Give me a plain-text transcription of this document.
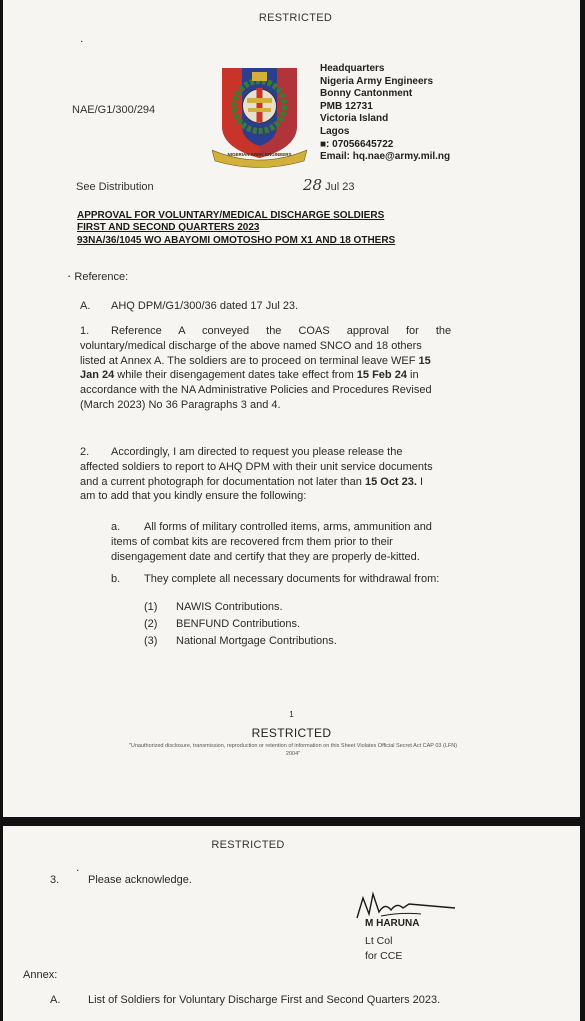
RESTRICTED
˙
NIGERIAN ARMY ENGINEERS
Headquarters
Nigeria Army Engineers
Bonny Cantonment
PMB 12731
Victoria Island
Lagos
■: 07056645722
Email: hq.nae@army.mil.ng
NAE/G1/300/294
See Distribution	28 Jul 23
APPROVAL FOR VOLUNTARY/MEDICAL DISCHARGE SOLDIERS
FIRST AND SECOND QUARTERS 2023
93NA/36/1045 WO ABAYOMI OMOTOSHO POM X1 AND 18 OTHERS
· Reference:
A. AHQ DPM/G1/300/36 dated 17 Jul 23.
1.	Reference A conveyed the COAS approval for the
voluntary/medical discharge of the above named SNCO and 18 others
listed at Annex A. The soldiers are to proceed on terminal leave WEF 15
Jan 24 while their disengagement dates take effect from 15 Feb 24 in
accordance with the NA Administrative Policies and Procedures Revised
(March 2023) No 36 Paragraphs 3 and 4.
2.	Accordingly, I am directed to request you please release the
affected soldiers to report to AHQ DPM with their unit service documents
and a current photograph for documentation not later than 15 Oct 23. I
am to add that you kindly ensure the following:
a.	All forms of military controlled items, arms, ammunition and
items of combat kits are recovered frcm them prior to their
disengagement date and certify that they are properly de-kitted.
b. They complete all necessary documents for withdrawal from:
(1) NAWIS Contributions.
(2) BENFUND Contributions.
(3) National Mortgage Contributions.
1
RESTRICTED
"Unauthorized disclosure, transmission, reproduction or retention of information on this Sheet Violates Official Secret Act CAP 03 (LFN)
2004"
RESTRICTED
3. ˙ Please acknowledge.
M HARUNA
Lt Col
for CCE
Annex:
A.	List of Soldiers for Voluntary Discharge First and Second Quarters 2023.
